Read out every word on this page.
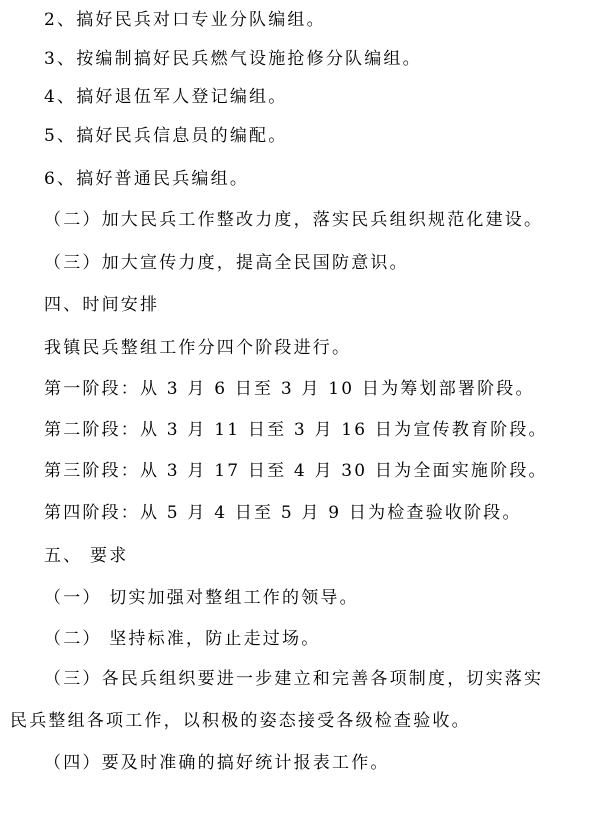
2、搞好民兵对口专业分队编组。
3、按编制搞好民兵燃气设施抢修分队编组。
4、搞好退伍军人登记编组。
5、搞好民兵信息员的编配。
6、搞好普通民兵编组。
（二）加大民兵工作整改力度，落实民兵组织规范化建设。
（三）加大宣传力度，提高全民国防意识。
四、时间安排
我镇民兵整组工作分四个阶段进行。
第一阶段：从 3 月 6 日至 3 月 10 日为筹划部署阶段。
第二阶段：从 3 月 11 日至 3 月 16 日为宣传教育阶段。
第三阶段：从 3 月 17 日至 4 月 30 日为全面实施阶段。
第四阶段：从 5 月 4 日至 5 月 9 日为检查验收阶段。
五、 要求
（一） 切实加强对整组工作的领导。
（二） 坚持标准，防止走过场。
（三）各民兵组织要进一步建立和完善各项制度，切实落实
民兵整组各项工作，以积极的姿态接受各级检查验收。
（四）要及时准确的搞好统计报表工作。
